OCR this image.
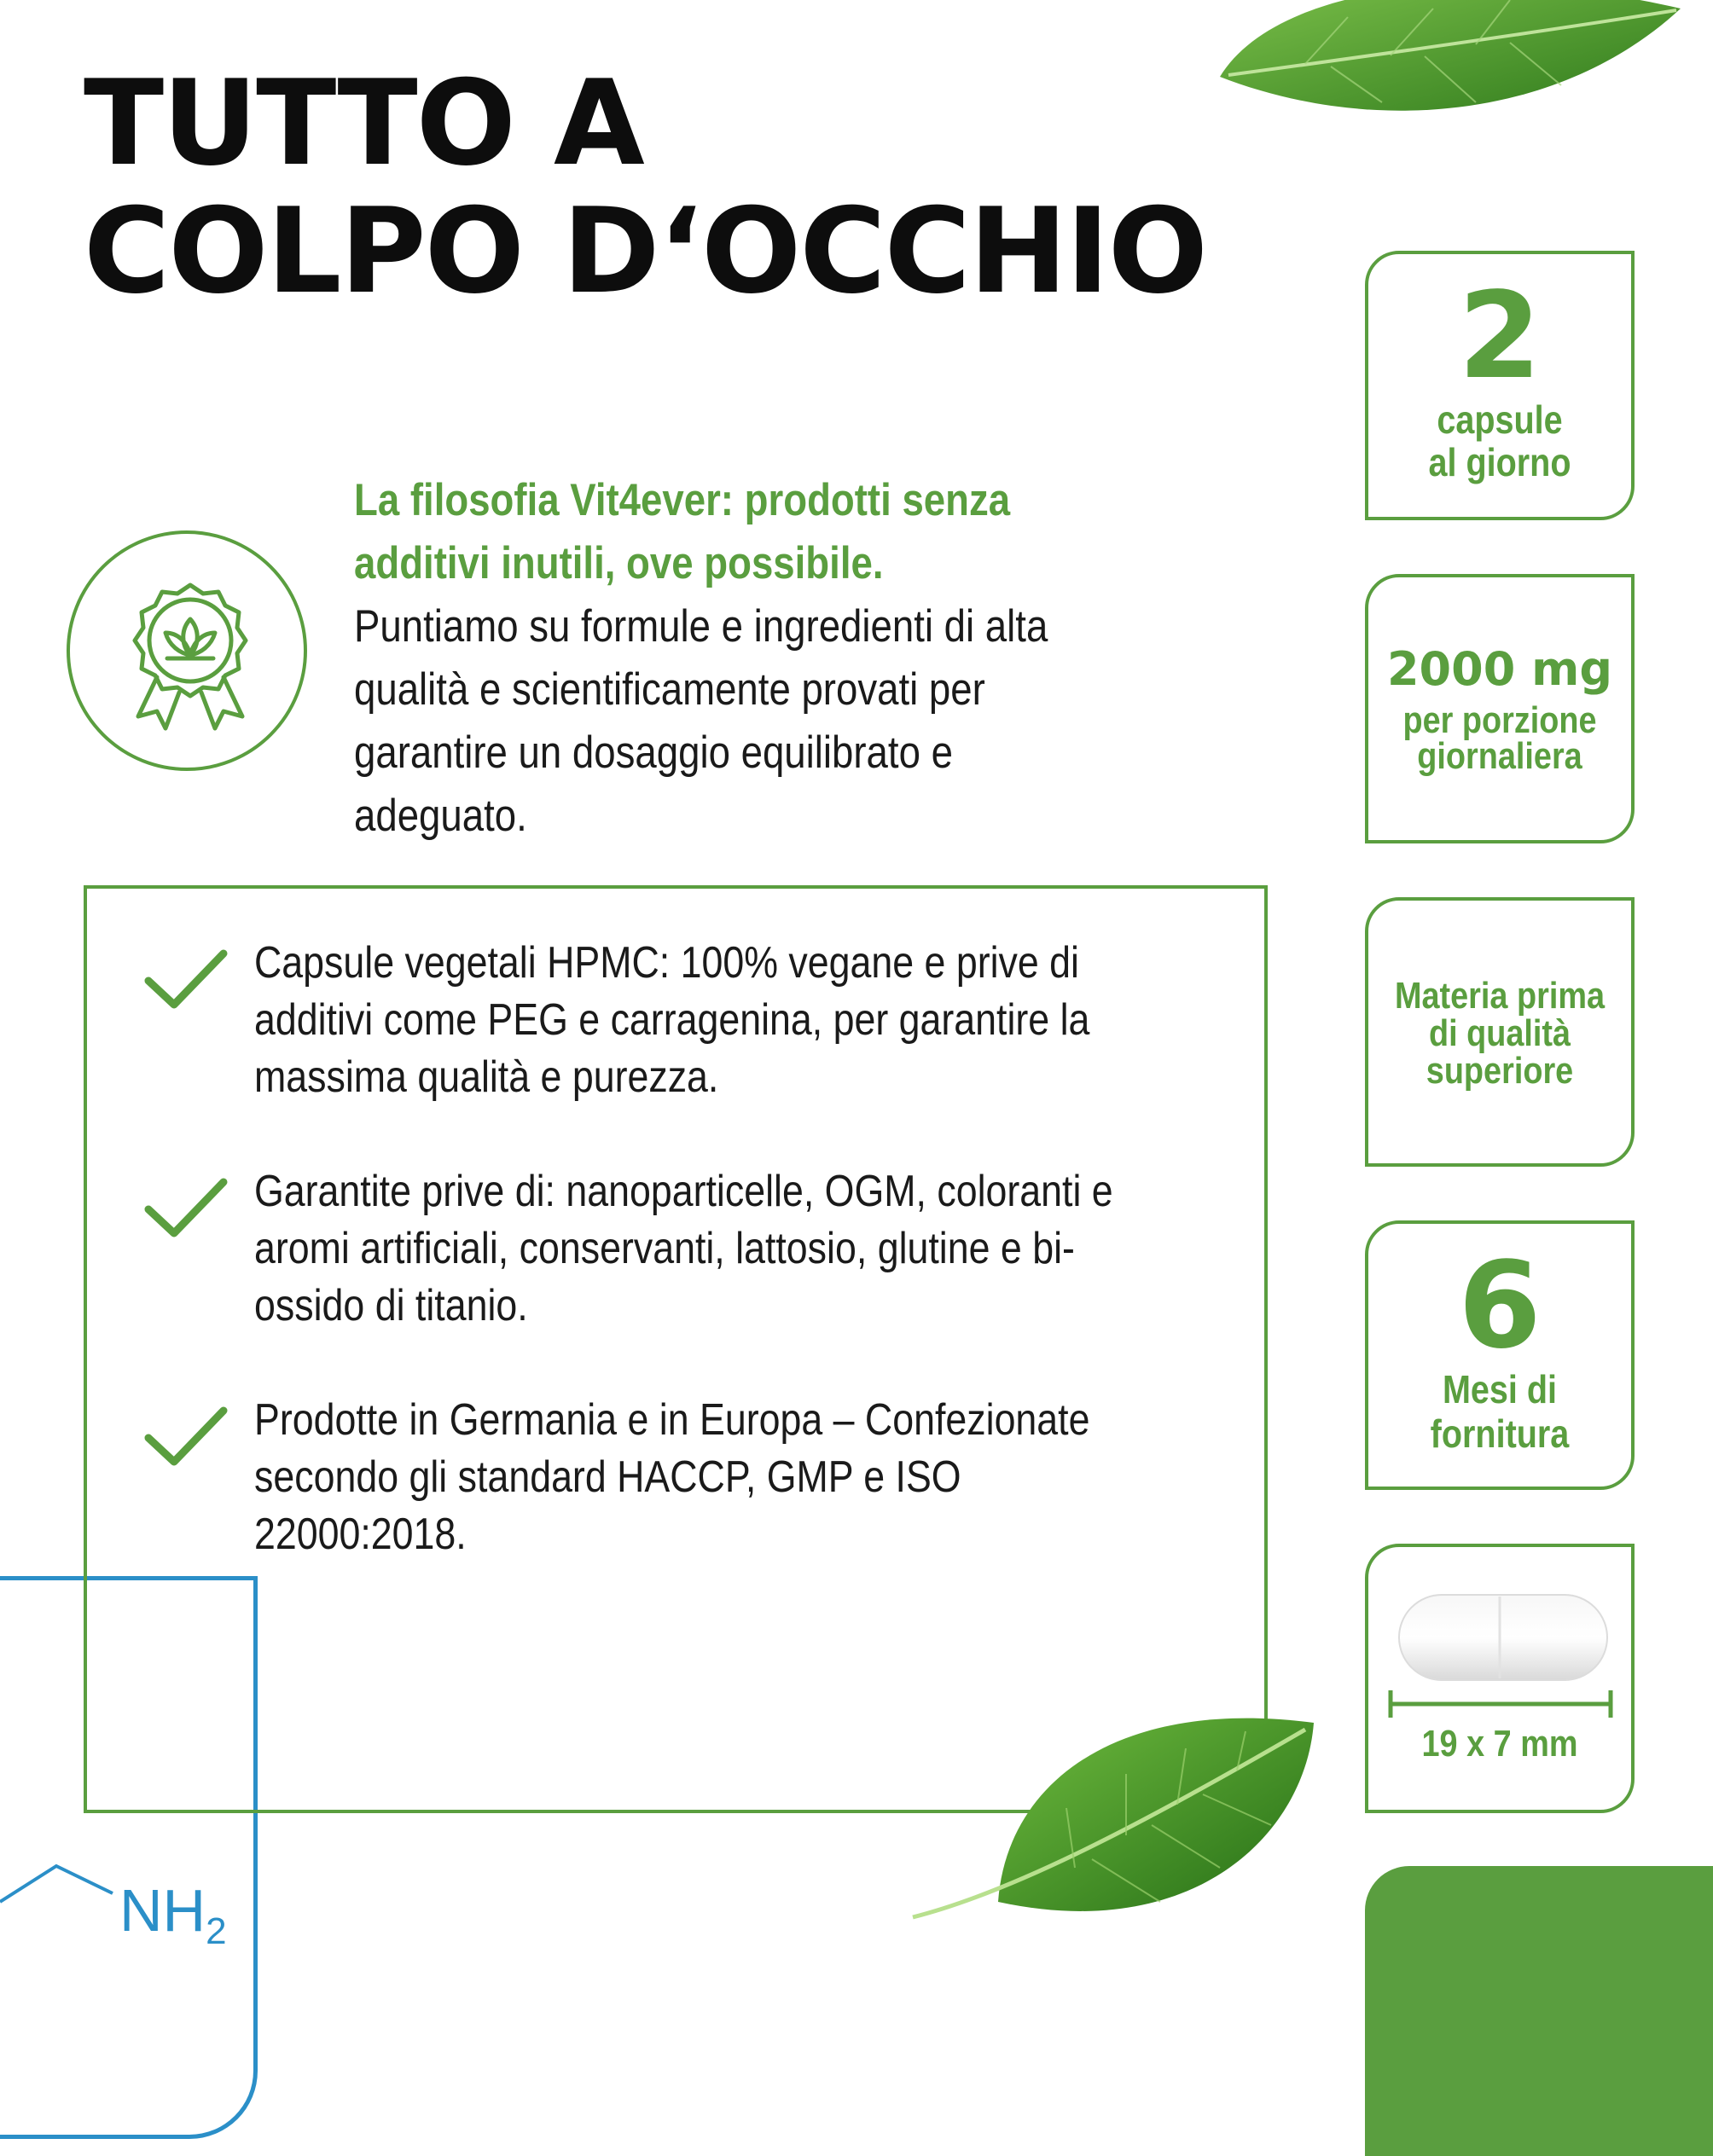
TUTTO A
COLPO D‘OCCHIO
La filosofia Vit4ever: prodotti senza additivi inutili, ove possibile.
Puntiamo su formule e ingredienti di alta qualità e scientificamente provati per garantire un dosaggio equilibrato e adeguato.
$NH_2$
Capsule vegetali HPMC: 100% vegane e prive di additivi come PEG e carragenina, per garantire la massima qualità e purezza.
Garantite prive di: nanoparticelle, OGM, coloranti e aromi artificiali, conservanti, lattosio, glutine e bi-ossido di titanio.
Prodotte in Germania e in Europa – Confezionate secondo gli standard HACCP, GMP e ISO 22000:2018.
2
capsule
al giorno
2000 mg
per porzione
giornaliera
Materia prima
di qualità
superiore
6
Mesi di
fornitura
19 x 7 mm
